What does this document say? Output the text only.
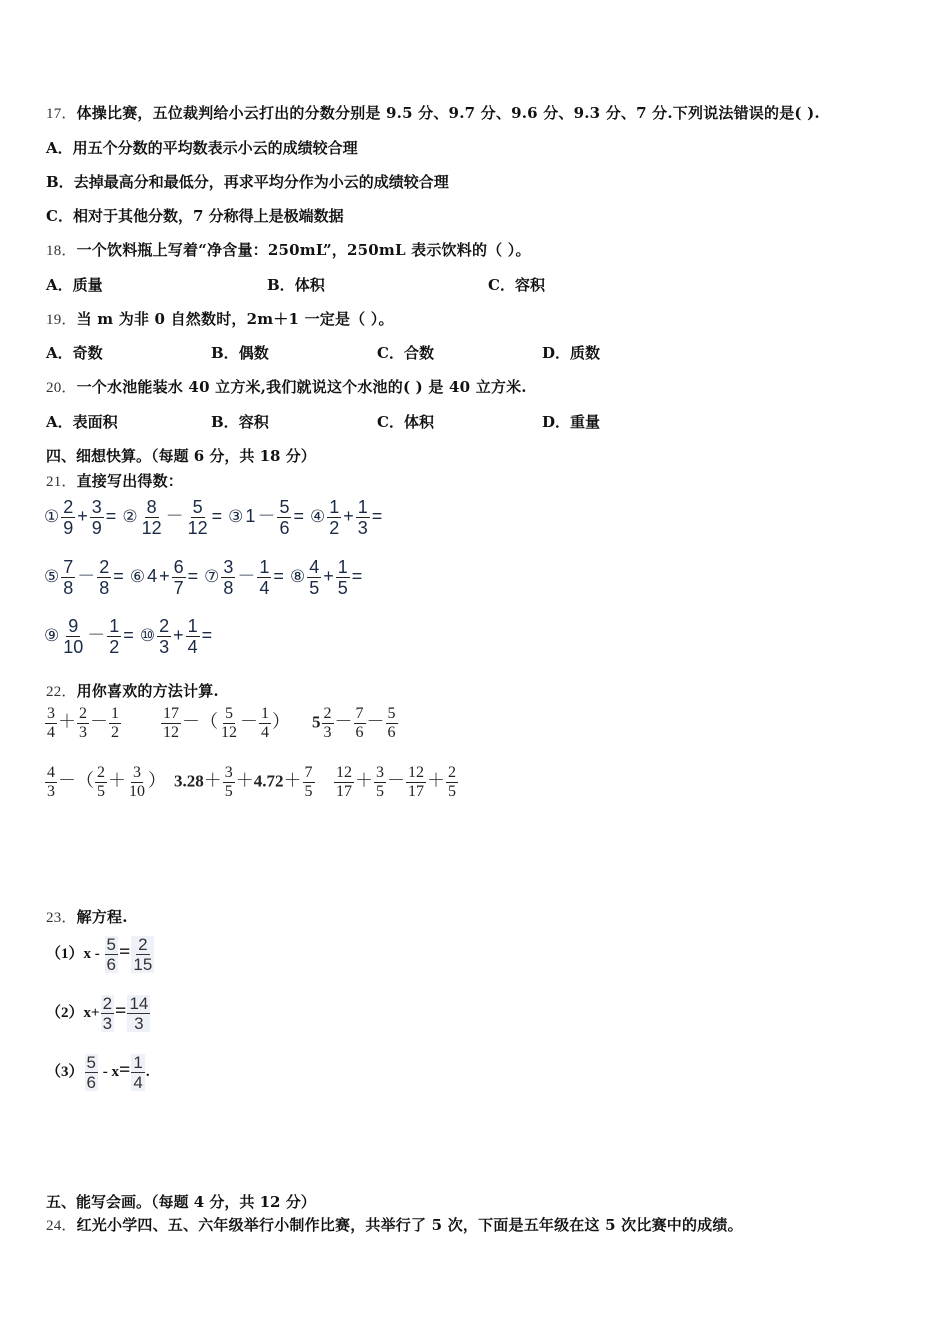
17．体操比赛，五位裁判给小云打出的分数分别是 9.5 分、9.7 分、9.6 分、9.3 分、7 分.下列说法错误的是( ).
A．用五个分数的平均数表示小云的成绩较合理
B．去掉最高分和最低分，再求平均分作为小云的成绩较合理
C．相对于其他分数，7 分称得上是极端数据
18．一个饮料瓶上写着“净含量：250mL”，250mL 表示饮料的（ ）。
A．质量	B．体积	C．容积
19．当 m 为非 0 自然数时，2m＋1 一定是（ ）。
A．奇数	B．偶数	C．合数	D．质数
20．一个水池能装水 40 立方米,我们就说这个水池的( ) 是 40 立方米.
A．表面积	B．容积	C．体积	D．重量
四、细想快算。（每题 6 分，共 18 分）
21．直接写出得数：
① $\frac{2}{9} + \frac{3}{9}$ = ② $\frac{8}{12} - \frac{5}{12}$ = ③ $1 - \frac{5}{6}$ = ④ $\frac{1}{2} + \frac{1}{3}$ =
⑤ $\frac{7}{8} - \frac{2}{8}$ = ⑥ $4 + \frac{6}{7}$ = ⑦ $\frac{3}{8} - \frac{1}{4}$ = ⑧ $\frac{4}{5} + \frac{1}{5}$ =
⑨ $\frac{9}{10} - \frac{1}{2}$ = ⑩ $\frac{2}{3} + \frac{1}{4}$ =
22．用你喜欢的方法计算.
$\frac{3}{4} + \frac{2}{3} - \frac{1}{2}$	$\frac{17}{12}$ －（ $\frac{5}{12} - \frac{1}{4}$ ） $5 \frac{2}{3} - \frac{7}{6} - \frac{5}{6}$
$\frac{4}{3}$ －（ $\frac{2}{5} + \frac{3}{10}$ ） $3.28+ \frac{3}{5} +4.72+ \frac{7}{5} \frac{12}{17} + \frac{3}{5} - \frac{12}{17} + \frac{2}{5}$
23．解方程.
$(1)x - \frac{5}{6} = \frac{2}{15}$
$(2)x+ \frac{2}{3} = \frac{14}{3}$
$(3) \frac{5}{6} - x= \frac{1}{4}$ .
五、能写会画。（每题 4 分，共 12 分）
24．红光小学四、五、六年级举行小制作比赛，共举行了 5 次，下面是五年级在这 5 次比赛中的成绩。
